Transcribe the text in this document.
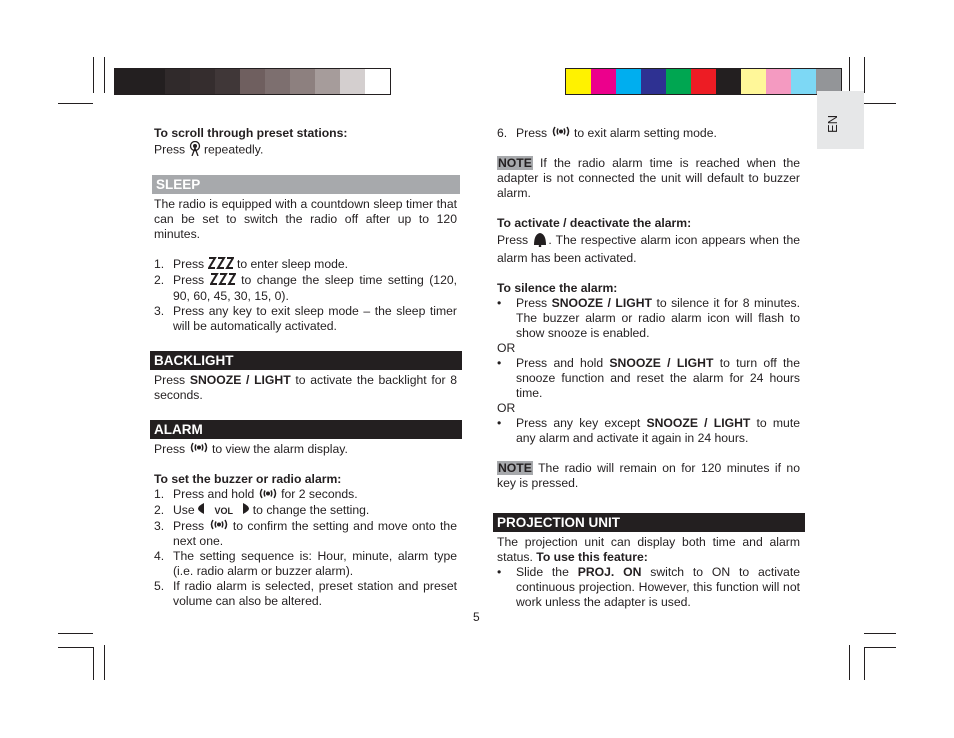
EN

To scroll through preset stations:

Press repeatedly.

SLEEP

The radio is equipped with a countdown sleep timer that can be set to switch the radio off after up to 120 minutes.

1. Press	to enter sleep mode.
2. Press	to change the sleep time setting (120, 90, 60, 45, 30, 15, 0).
3. Press any key to exit sleep mode – the sleep timer will be automatically activated.
BACKLIGHT

Press SNOOZE / LIGHT to activate the backlight for 8 seconds.

ALARM

Press to view the alarm display.

To set the buzzer or radio alarm:

1. Press and hold for 2 seconds.
2. Use VOL to change the setting.
3. Press to confirm the setting and move onto the next one.
4. The setting sequence is: Hour, minute, alarm type (i.e. radio alarm or buzzer alarm).
5. If radio alarm is selected, preset station and preset volume can also be altered.
6. Press to exit alarm setting mode.

NOTE If the radio alarm time is reached when the adapter is not connected the unit will default to buzzer alarm.

To activate / deactivate the alarm:

Press . The respective alarm icon appears when the alarm has been activated.

To silence the alarm:

•	Press SNOOZE / LIGHT to silence it for 8 minutes. The buzzer alarm or radio alarm icon will flash to show snooze is enabled.

OR

•	Press and hold SNOOZE / LIGHT to turn off the snooze function and reset the alarm for 24 hours time.

OR

•	Press any key except SNOOZE / LIGHT to mute any alarm and activate it again in 24 hours.

NOTE The radio will remain on for 120 minutes if no key is pressed.

PROJECTION UNIT

The projection unit can display both time and alarm status. To use this feature:

•	Slide the PROJ. ON switch to ON to activate continuous projection. However, this function will not work unless the adapter is used.
5
